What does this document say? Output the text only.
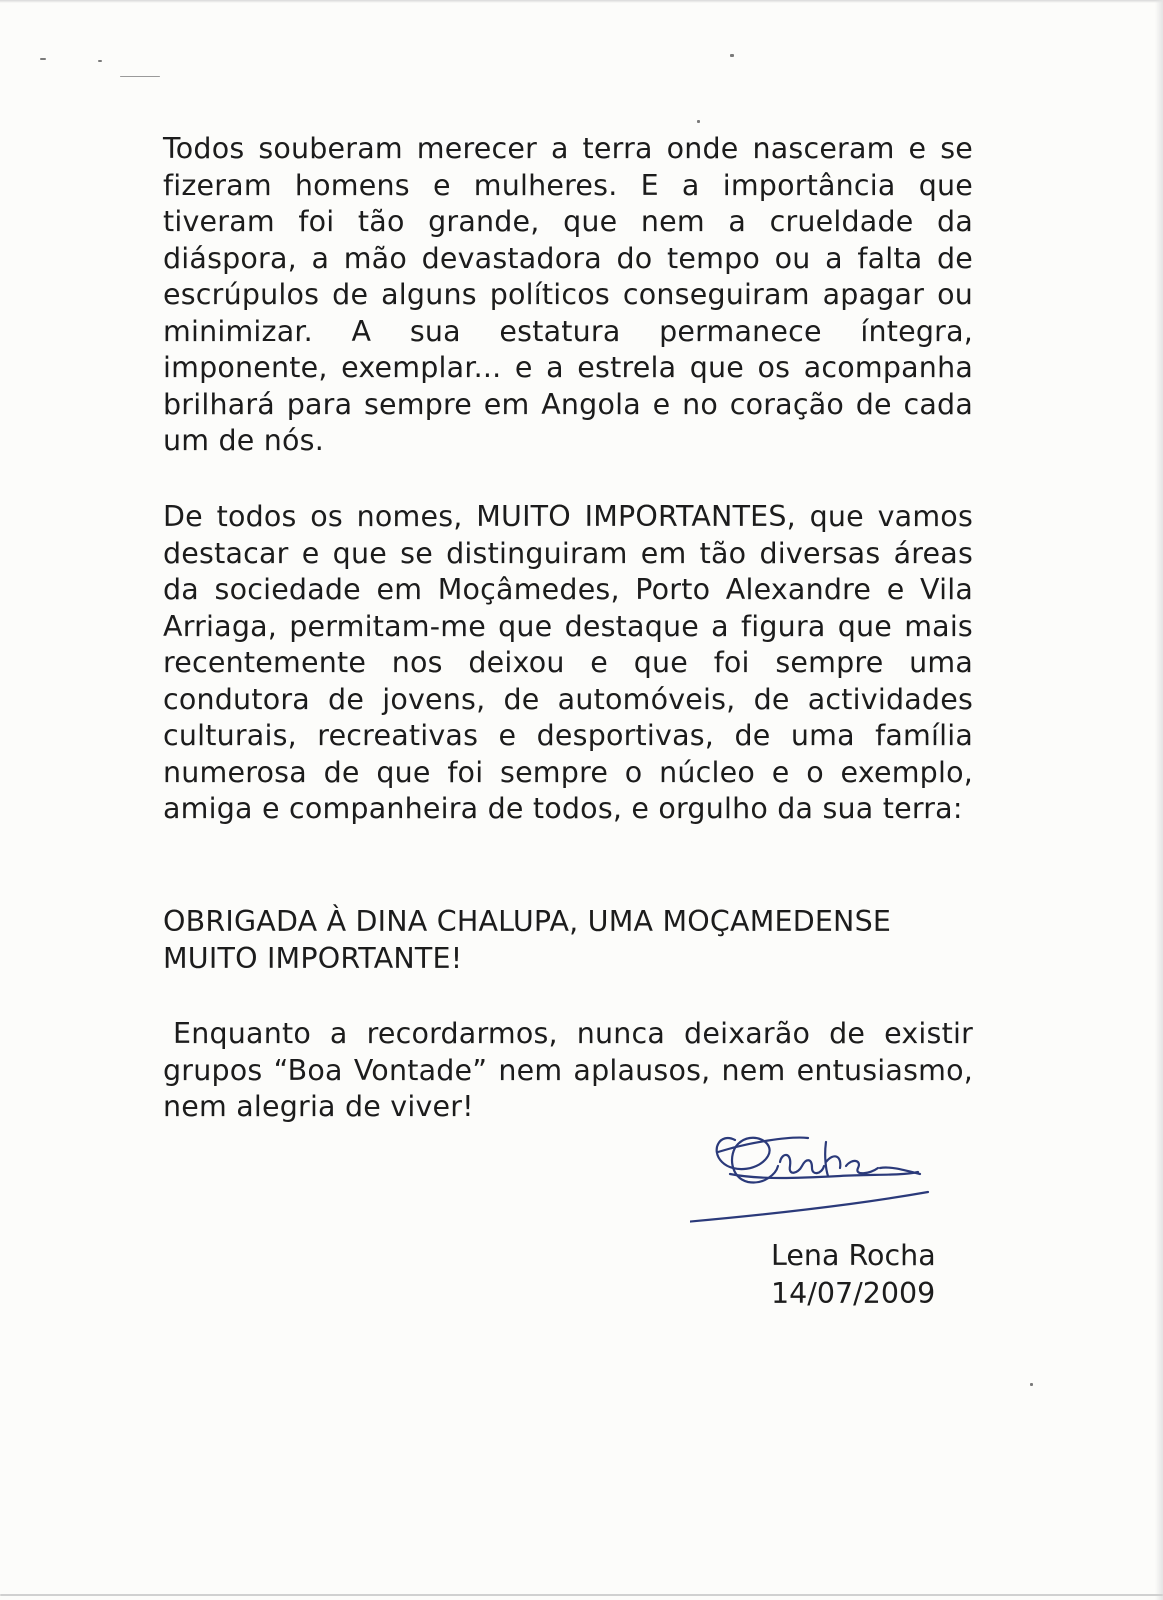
Todos souberam merecer a terra onde nasceram e se fizeram homens e mulheres. E a importância que tiveram foi tão grande, que nem a crueldade da diáspora, a mão devastadora do tempo ou a falta de escrúpulos de alguns políticos conseguiram apagar ou minimizar. A sua estatura permanece íntegra, imponente, exemplar... e a estrela que os acompanha brilhará para sempre em Angola e no coração de cada um de nós.

De todos os nomes, MUITO IMPORTANTES, que vamos destacar e que se distinguiram em tão diversas áreas da sociedade em Moçâmedes, Porto Alexandre e Vila Arriaga, permitam-me que destaque a figura que mais recentemente nos deixou e que foi sempre uma condutora de jovens, de automóveis, de actividades culturais, recreativas e desportivas, de uma família numerosa de que foi sempre o núcleo e o exemplo, amiga e companheira de todos, e orgulho da sua terra:

OBRIGADA À DINA CHALUPA, UMA MOÇAMEDENSE MUITO IMPORTANTE!

Enquanto a recordarmos, nunca deixarão de existir grupos “Boa Vontade” nem aplausos, nem entusiasmo, nem alegria de viver!

Lena Rocha

14/07/2009
